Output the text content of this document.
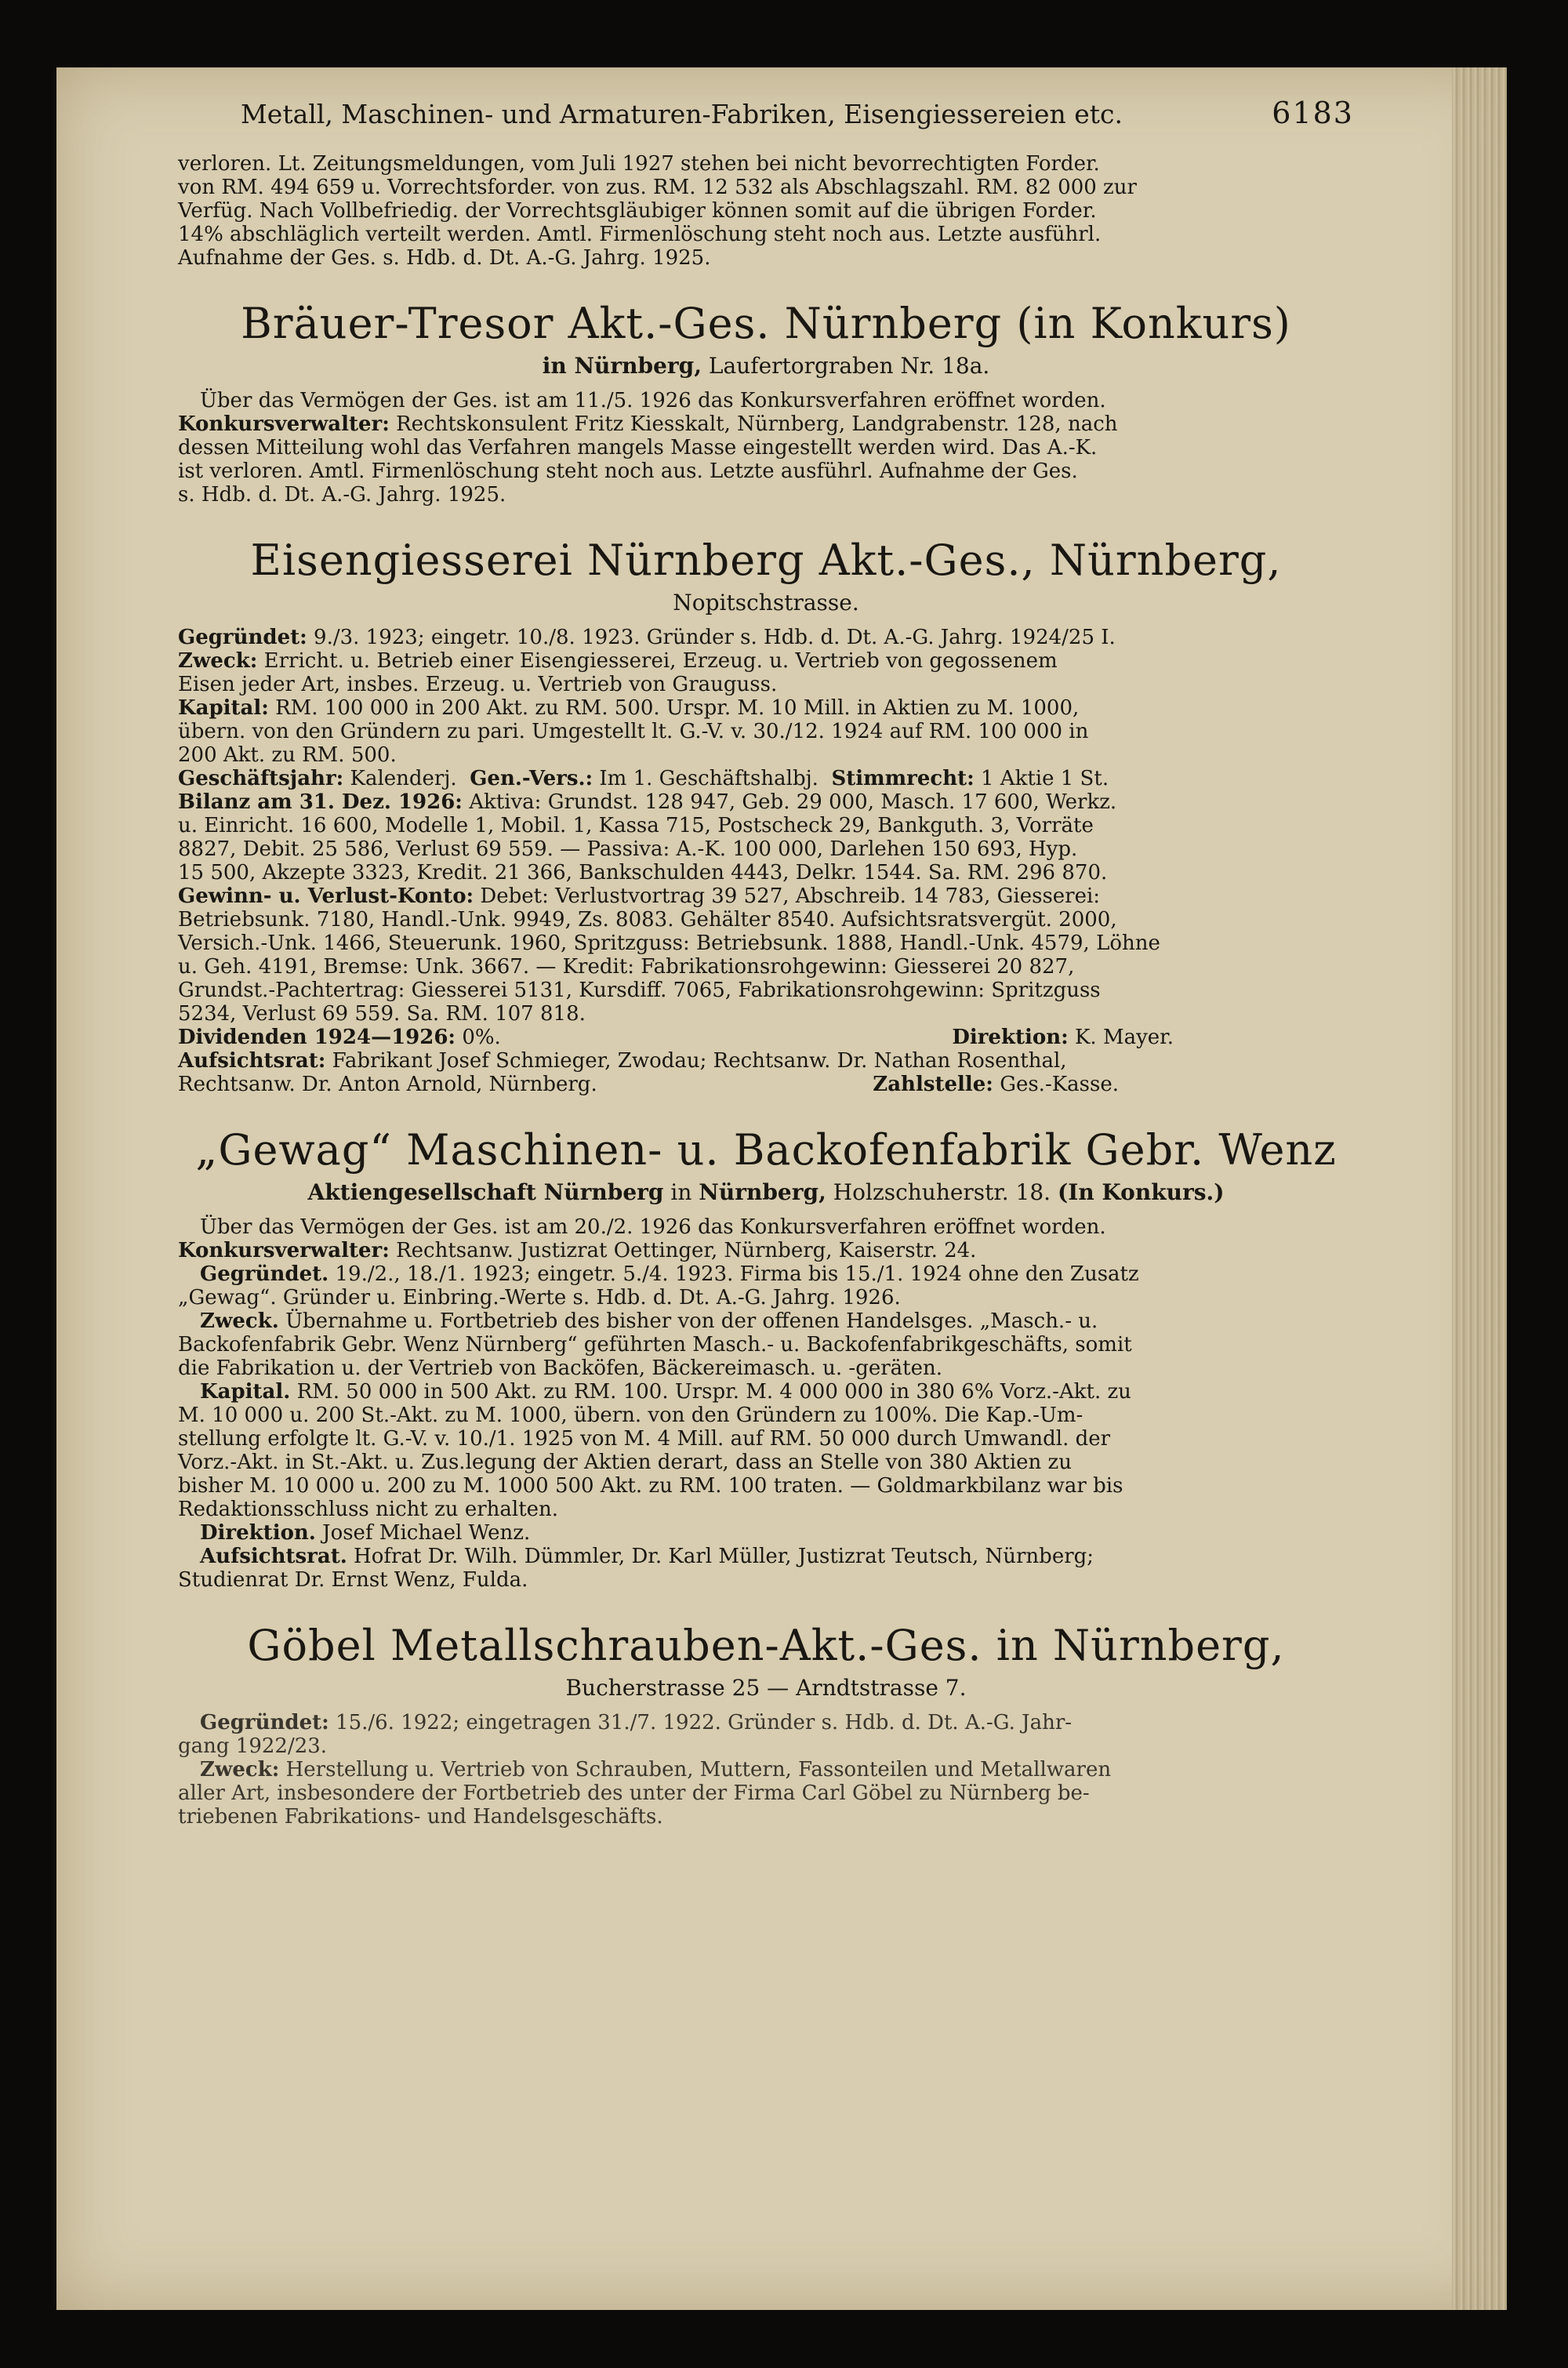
Metall, Maschinen- und Armaturen-Fabriken, Eisengiessereien etc.	6183

verloren. Lt. Zeitungsmeldungen, vom Juli 1927 stehen bei nicht bevorrechtigten Forder.

von RM. 494 659 u. Vorrechtsforder. von zus. RM. 12 532 als Abschlagszahl. RM. 82 000 zur

Verfüg. Nach Vollbefriedig. der Vorrechtsgläubiger können somit auf die übrigen Forder.

14% abschläglich verteilt werden. Amtl. Firmenlöschung steht noch aus. Letzte ausführl.

Aufnahme der Ges. s. Hdb. d. Dt. A.-G. Jahrg. 1925.

Bräuer-Tresor Akt.-Ges. Nürnberg (in Konkurs)
in Nürnberg, Laufertorgraben Nr. 18a.

Über das Vermögen der Ges. ist am 11./5. 1926 das Konkursverfahren eröffnet worden.

Konkursverwalter: Rechtskonsulent Fritz Kiesskalt, Nürnberg, Landgrabenstr. 128, nach

dessen Mitteilung wohl das Verfahren mangels Masse eingestellt werden wird. Das A.-K.

ist verloren. Amtl. Firmenlöschung steht noch aus. Letzte ausführl. Aufnahme der Ges.

s. Hdb. d. Dt. A.-G. Jahrg. 1925.

Eisengiesserei Nürnberg Akt.-Ges., Nürnberg,
Nopitschstrasse.

Gegründet: 9./3. 1923; eingetr. 10./8. 1923. Gründer s. Hdb. d. Dt. A.-G. Jahrg. 1924/25 I.

Zweck: Erricht. u. Betrieb einer Eisengiesserei, Erzeug. u. Vertrieb von gegossenem

Eisen jeder Art, insbes. Erzeug. u. Vertrieb von Grauguss.

Kapital: RM. 100 000 in 200 Akt. zu RM. 500. Urspr. M. 10 Mill. in Aktien zu M. 1000,

übern. von den Gründern zu pari. Umgestellt lt. G.-V. v. 30./12. 1924 auf RM. 100 000 in

200 Akt. zu RM. 500.

Geschäftsjahr: Kalenderj. Gen.-Vers.: Im 1. Geschäftshalbj. Stimmrecht: 1 Aktie 1 St.

Bilanz am 31. Dez. 1926: Aktiva: Grundst. 128 947, Geb. 29 000, Masch. 17 600, Werkz.

u. Einricht. 16 600, Modelle 1, Mobil. 1, Kassa 715, Postscheck 29, Bankguth. 3, Vorräte

8827, Debit. 25 586, Verlust 69 559. — Passiva: A.-K. 100 000, Darlehen 150 693, Hyp.

15 500, Akzepte 3323, Kredit. 21 366, Bankschulden 4443, Delkr. 1544. Sa. RM. 296 870.

Gewinn- u. Verlust-Konto: Debet: Verlustvortrag 39 527, Abschreib. 14 783, Giesserei:

Betriebsunk. 7180, Handl.-Unk. 9949, Zs. 8083. Gehälter 8540. Aufsichtsratsvergüt. 2000,

Versich.-Unk. 1466, Steuerunk. 1960, Spritzguss: Betriebsunk. 1888, Handl.-Unk. 4579, Löhne

u. Geh. 4191, Bremse: Unk. 3667. — Kredit: Fabrikationsrohgewinn: Giesserei 20 827,

Grundst.-Pachtertrag: Giesserei 5131, Kursdiff. 7065, Fabrikationsrohgewinn: Spritzguss

5234, Verlust 69 559. Sa. RM. 107 818.

Dividenden 1924—1926: 0%.	Direktion: K. Mayer.

Aufsichtsrat: Fabrikant Josef Schmieger, Zwodau; Rechtsanw. Dr. Nathan Rosenthal,

Rechtsanw. Dr. Anton Arnold, Nürnberg.	Zahlstelle: Ges.-Kasse.
„Gewag“ Maschinen- u. Backofenfabrik Gebr. Wenz
Aktiengesellschaft Nürnberg in Nürnberg, Holzschuherstr. 18. (In Konkurs.)

Über das Vermögen der Ges. ist am 20./2. 1926 das Konkursverfahren eröffnet worden.

Konkursverwalter: Rechtsanw. Justizrat Oettinger, Nürnberg, Kaiserstr. 24.

Gegründet. 19./2., 18./1. 1923; eingetr. 5./4. 1923. Firma bis 15./1. 1924 ohne den Zusatz

„Gewag“. Gründer u. Einbring.-Werte s. Hdb. d. Dt. A.-G. Jahrg. 1926.

Zweck. Übernahme u. Fortbetrieb des bisher von der offenen Handelsges. „Masch.- u.

Backofenfabrik Gebr. Wenz Nürnberg“ geführten Masch.- u. Backofenfabrikgeschäfts, somit

die Fabrikation u. der Vertrieb von Backöfen, Bäckereimasch. u. -geräten.

Kapital. RM. 50 000 in 500 Akt. zu RM. 100. Urspr. M. 4 000 000 in 380 6% Vorz.-Akt. zu

M. 10 000 u. 200 St.-Akt. zu M. 1000, übern. von den Gründern zu 100%. Die Kap.-Um-

stellung erfolgte lt. G.-V. v. 10./1. 1925 von M. 4 Mill. auf RM. 50 000 durch Umwandl. der

Vorz.-Akt. in St.-Akt. u. Zus.legung der Aktien derart, dass an Stelle von 380 Aktien zu

bisher M. 10 000 u. 200 zu M. 1000 500 Akt. zu RM. 100 traten. — Goldmarkbilanz war bis

Redaktionsschluss nicht zu erhalten.

Direktion. Josef Michael Wenz.

Aufsichtsrat. Hofrat Dr. Wilh. Dümmler, Dr. Karl Müller, Justizrat Teutsch, Nürnberg;

Studienrat Dr. Ernst Wenz, Fulda.

Göbel Metallschrauben-Akt.-Ges. in Nürnberg,
Bucherstrasse 25 — Arndtstrasse 7.

Gegründet: 15./6. 1922; eingetragen 31./7. 1922. Gründer s. Hdb. d. Dt. A.-G. Jahr-

gang 1922/23.

Zweck: Herstellung u. Vertrieb von Schrauben, Muttern, Fassonteilen und Metallwaren

aller Art, insbesondere der Fortbetrieb des unter der Firma Carl Göbel zu Nürnberg be-

triebenen Fabrikations- und Handelsgeschäfts.
